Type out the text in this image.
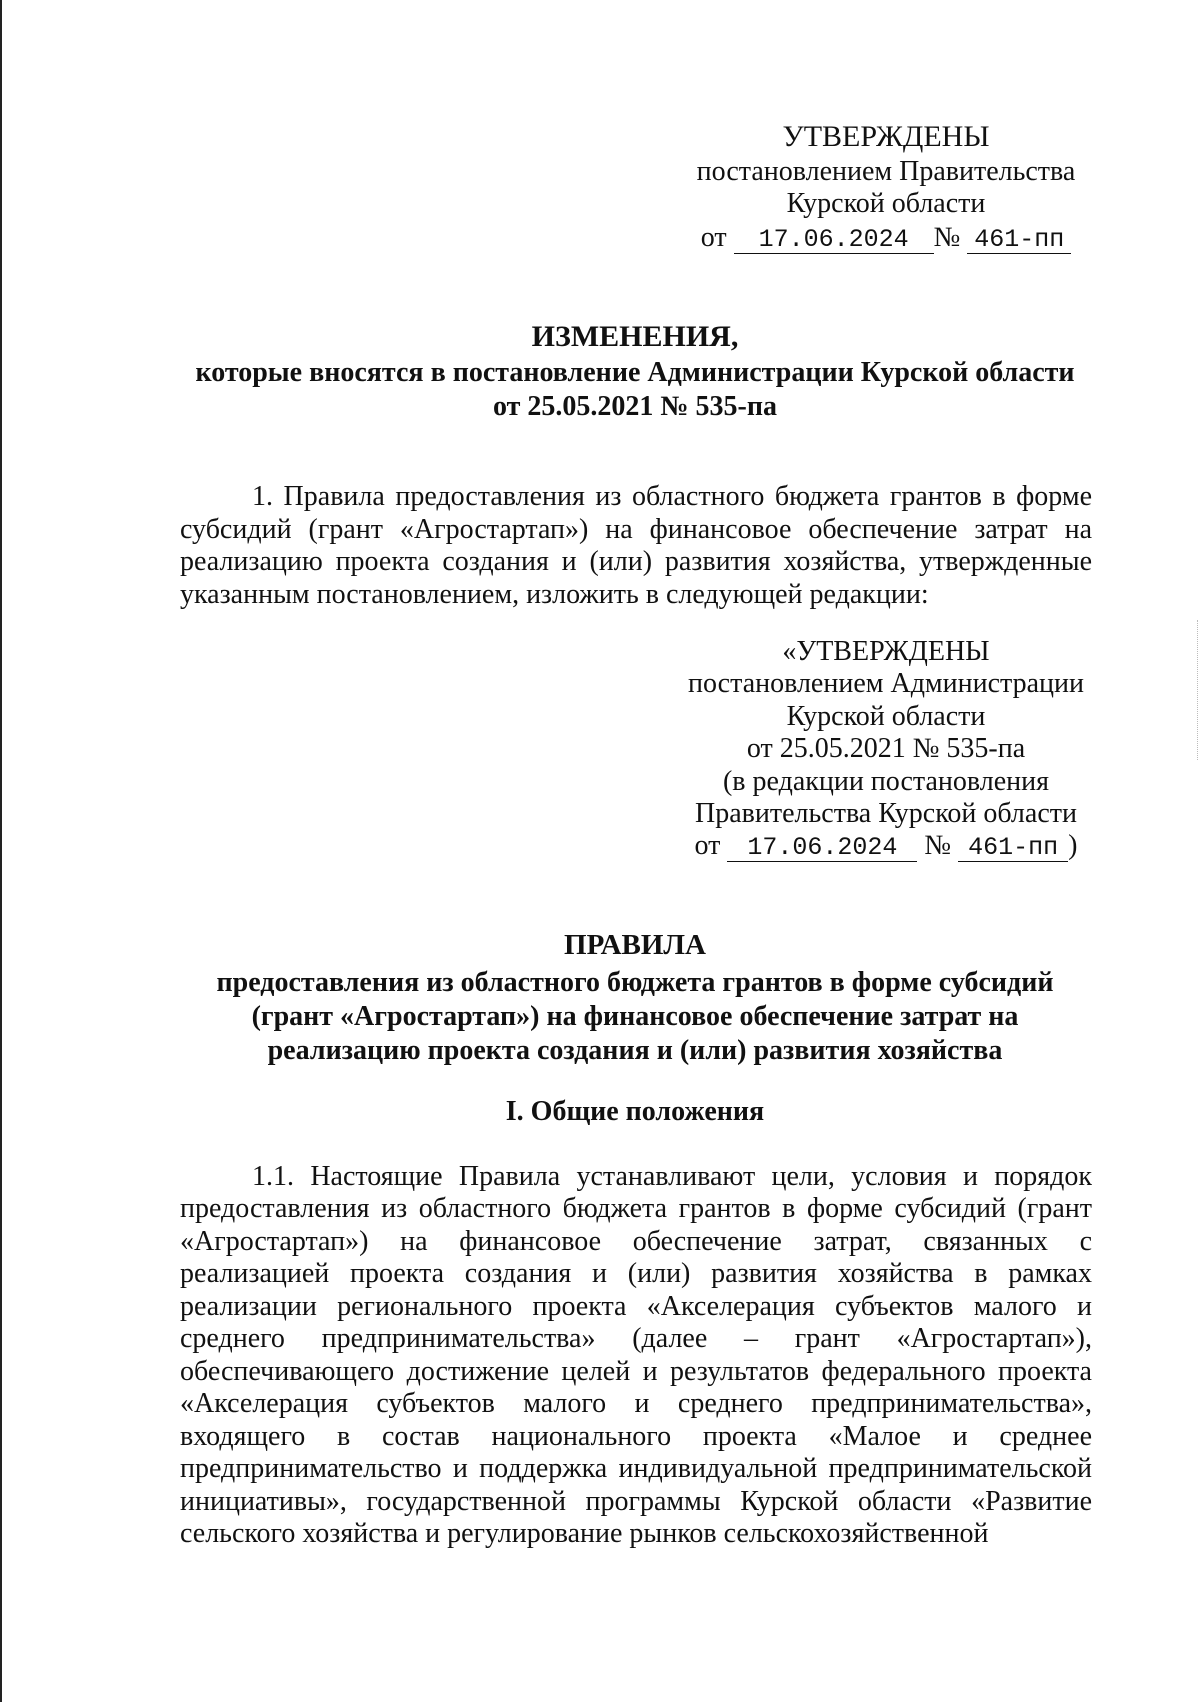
УТВЕРЖДЕНЫ
постановлением Правительства
Курской области
от 17.06.2024 № 461-пп
ИЗМЕНЕНИЯ,
которые вносятся в постановление Администрации Курской области
от 25.05.2021 № 535-па
1. Правила предоставления из областного бюджета грантов в форме субсидий (грант «Агростартап») на финансовое обеспечение затрат на реализацию проекта создания и (или) развития хозяйства, утвержденные указанным постановлением, изложить в следующей редакции:
«УТВЕРЖДЕНЫ
постановлением Администрации
Курской области
от 25.05.2021 № 535-па
(в редакции постановления
Правительства Курской области
от 17.06.2024 № 461-пп )
ПРАВИЛА
предоставления из областного бюджета грантов в форме субсидий
(грант «Агростартап») на финансовое обеспечение затрат на
реализацию проекта создания и (или) развития хозяйства
I. Общие положения
1.1. Настоящие Правила устанавливают цели, условия и порядок предоставления из областного бюджета грантов в форме субсидий (грант «Агростартап») на финансовое обеспечение затрат, связанных с реализацией проекта создания и (или) развития хозяйства в рамках реализации регионального проекта «Акселерация субъектов малого и среднего предпринимательства» (далее – грант «Агростартап»), обеспечивающего достижение целей и результатов федерального проекта «Акселерация субъектов малого и среднего предпринимательства», входящего в состав национального проекта «Малое и среднее предпринимательство и поддержка индивидуальной предпринимательской инициативы», государственной программы Курской области «Развитие сельского хозяйства и регулирование рынков сельскохозяйственной
